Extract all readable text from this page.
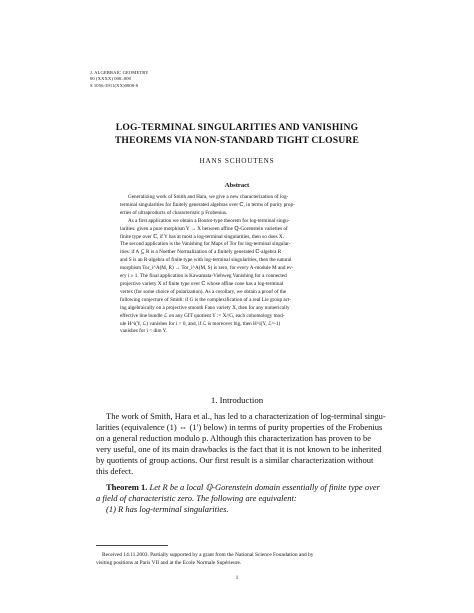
J. ALGEBRAIC GEOMETRY
00 (XXXX) 000–000
S 1056-3911(XX)0000-0
LOG-TERMINAL SINGULARITIES AND VANISHING
THEOREMS VIA NON-STANDARD TIGHT CLOSURE
HANS SCHOUTENS
Abstract

Generalizing work of Smith and Hara, we give a new characterization of log-
terminal singularities for finitely generated algebras over ℂ, in terms of purity prop-
erties of ultraproducts of characteristic p Frobenius.

As a first application we obtain a Boutot-type theorem for log-terminal singu-
larities: given a pure morphism Y → X between affine ℚ-Gorenstein varieties of
finite type over ℂ, if Y has at most a log-terminal singularities, then so does X.
The second application is the Vanishing for Maps of Tor for log-terminal singular-
ities: if A ⊆ R is a Noether Normalization of a finitely generated ℂ-algebra R
and S is an R-algebra of finite type with log-terminal singularities, then the natural
morphism Tor_i^A(M, R) → Tor_i^A(M, S) is zero, for every A-module M and ev-
ery i ≥ 1. The final application is Kawamata-Viehweg Vanishing for a connected
projective variety X of finite type over ℂ whose affine cone has a log-terminal
vertex (for some choice of polarization). As a corollary, we obtain a proof of the
following conjecture of Smith: if G is the complexification of a real Lie group act-
ing algebraically on a projective smooth Fano variety X, then for any numerically
effective line bundle ℒ on any GIT quotient Y := X//G, each cohomology mod-
ule H^i(Y, ℒ) vanishes for i > 0, and, if ℒ is moreover big, then H^i(Y, ℒ^-1)
vanishes for i < dim Y.

1. Introduction
The work of Smith, Hara et al., has led to a characterization of log-terminal singu-
larities (equivalence (1) ⇔ (1′) below) in terms of purity properties of the Frobenius
on a general reduction modulo p. Although this characterization has proven to be
very useful, one of its main drawbacks is the fact that it is not known to be inherited
by quotients of group actions. Our first result is a similar characterization without
this defect.
Theorem 1. Let R be a local ℚ-Gorenstein domain essentially of finite type over
a field of characteristic zero. The following are equivalent:
(1) R has log-terminal singularities.
Received 14.11.2003. Partially supported by a grant from the National Science Foundation and by
visiting positions at Paris VII and at the Ecole Normale Supérieure.
1
